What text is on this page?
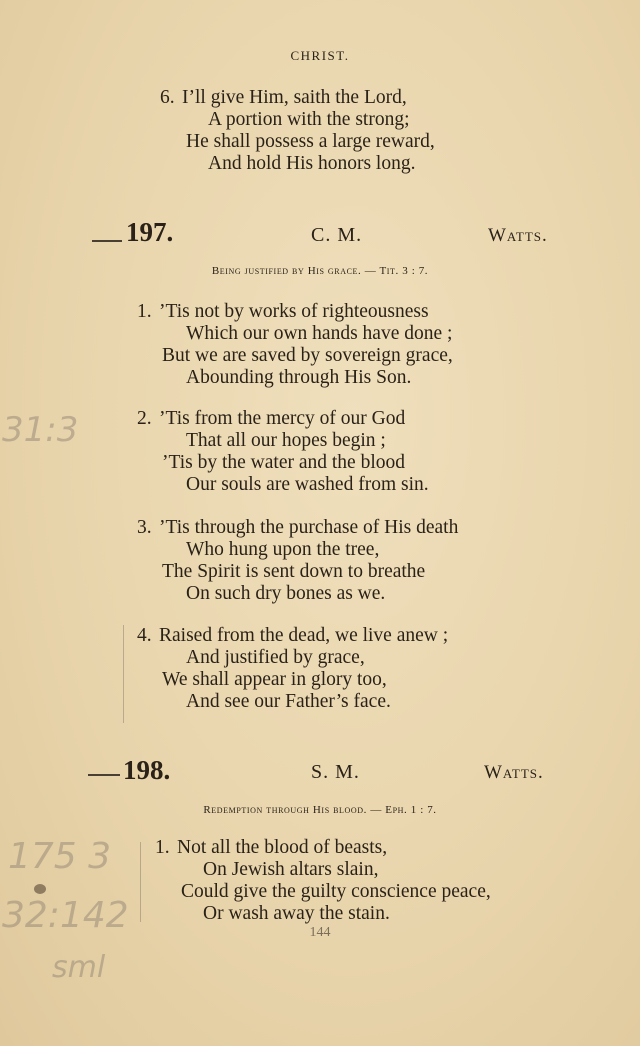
CHRIST.
6. I’ll give Him, saith the Lord,
A portion with the strong;
He shall possess a large reward,
And hold His honors long.
197.	C. M.	Watts.
Being justified by His grace. — Tit. 3 : 7.
1. ’Tis not by works of righteousness
Which our own hands have done ;
But we are saved by sovereign grace,
Abounding through His Son.
2. ’Tis from the mercy of our God
That all our hopes begin ;
’Tis by the water and the blood
Our souls are washed from sin.
3. ’Tis through the purchase of His death
Who hung upon the tree,
The Spirit is sent down to breathe
On such dry bones as we.
4. Raised from the dead, we live anew ;
And justified by grace,
We shall appear in glory too,
And see our Father’s face.
198.	S. M.	Watts.
Redemption through His blood. — Eph. 1 : 7.
1. Not all the blood of beasts,
On Jewish altars slain,
Could give the guilty conscience peace,
Or wash away the stain.
144
31:3
175 3
32:142
sml
